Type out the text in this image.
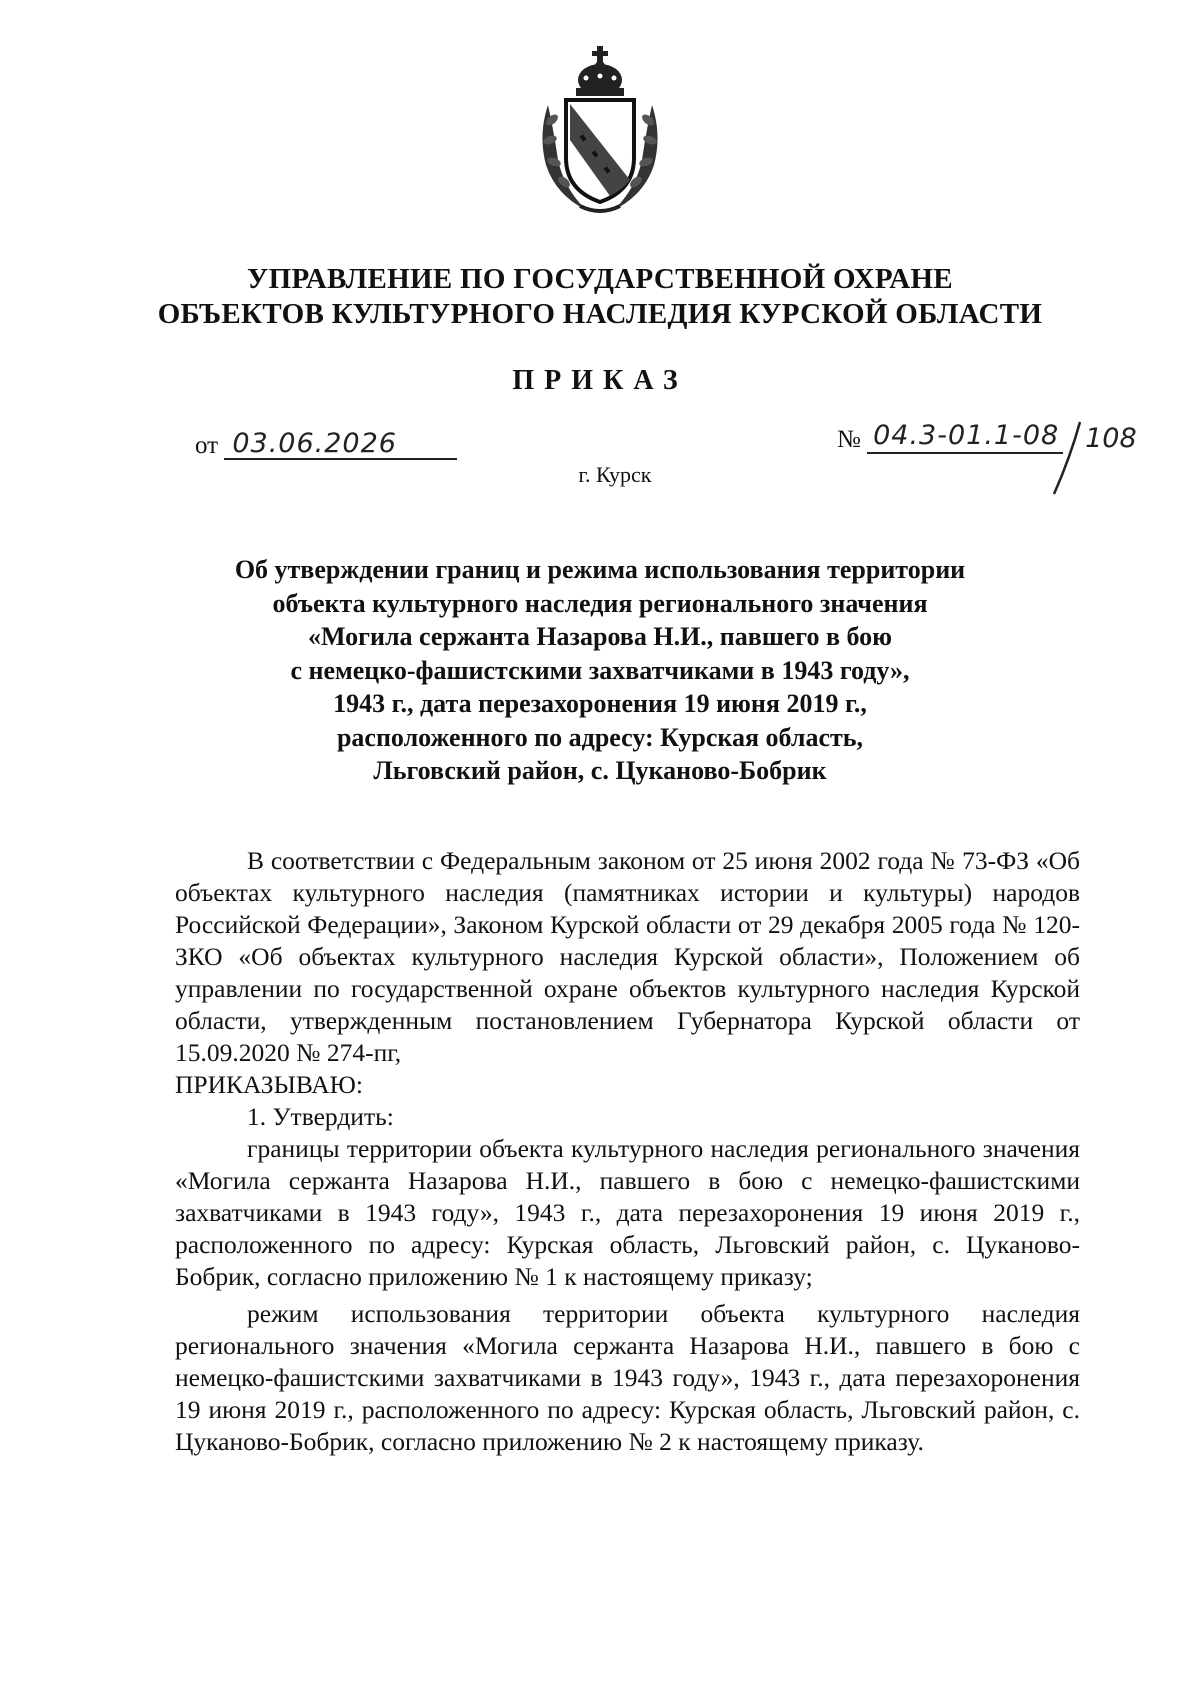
УПРАВЛЕНИЕ ПО ГОСУДАРСТВЕННОЙ ОХРАНЕ
ОБЪЕКТОВ КУЛЬТУРНОГО НАСЛЕДИЯ КУРСКОЙ ОБЛАСТИ
ПРИКАЗ
от 03.06.2026	№ 04.3-01.1-08 108
г. Курск
Об утверждении границ и режима использования территории
объекта культурного наследия регионального значения
«Могила сержанта Назарова Н.И., павшего в бою
с немецко-фашистскими захватчиками в 1943 году»,
1943 г., дата перезахоронения 19 июня 2019 г.,
расположенного по адресу: Курская область,
Льговский район, с. Цуканово-Бобрик

В соответствии с Федеральным законом от 25 июня 2002 года № 73-ФЗ «Об объектах культурного наследия (памятниках истории и культуры) народов Российской Федерации», Законом Курской области от 29 декабря 2005 года № 120-ЗКО «Об объектах культурного наследия Курской области», Положением об управлении по государственной охране объектов культурного наследия Курской области, утвержденным постановлением Губернатора Курской области от 15.09.2020 № 274-пг,

ПРИКАЗЫВАЮ:

1. Утвердить:

границы территории объекта культурного наследия регионального значения «Могила сержанта Назарова Н.И., павшего в бою с немецко-фашистскими захватчиками в 1943 году», 1943 г., дата перезахоронения 19 июня 2019 г., расположенного по адресу: Курская область, Льговский район, с. Цуканово-Бобрик, согласно приложению № 1 к настоящему приказу;

режим использования территории объекта культурного наследия регионального значения «Могила сержанта Назарова Н.И., павшего в бою с немецко-фашистскими захватчиками в 1943 году», 1943 г., дата перезахоронения 19 июня 2019 г., расположенного по адресу: Курская область, Льговский район, с. Цуканово-Бобрик, согласно приложению № 2 к настоящему приказу.
